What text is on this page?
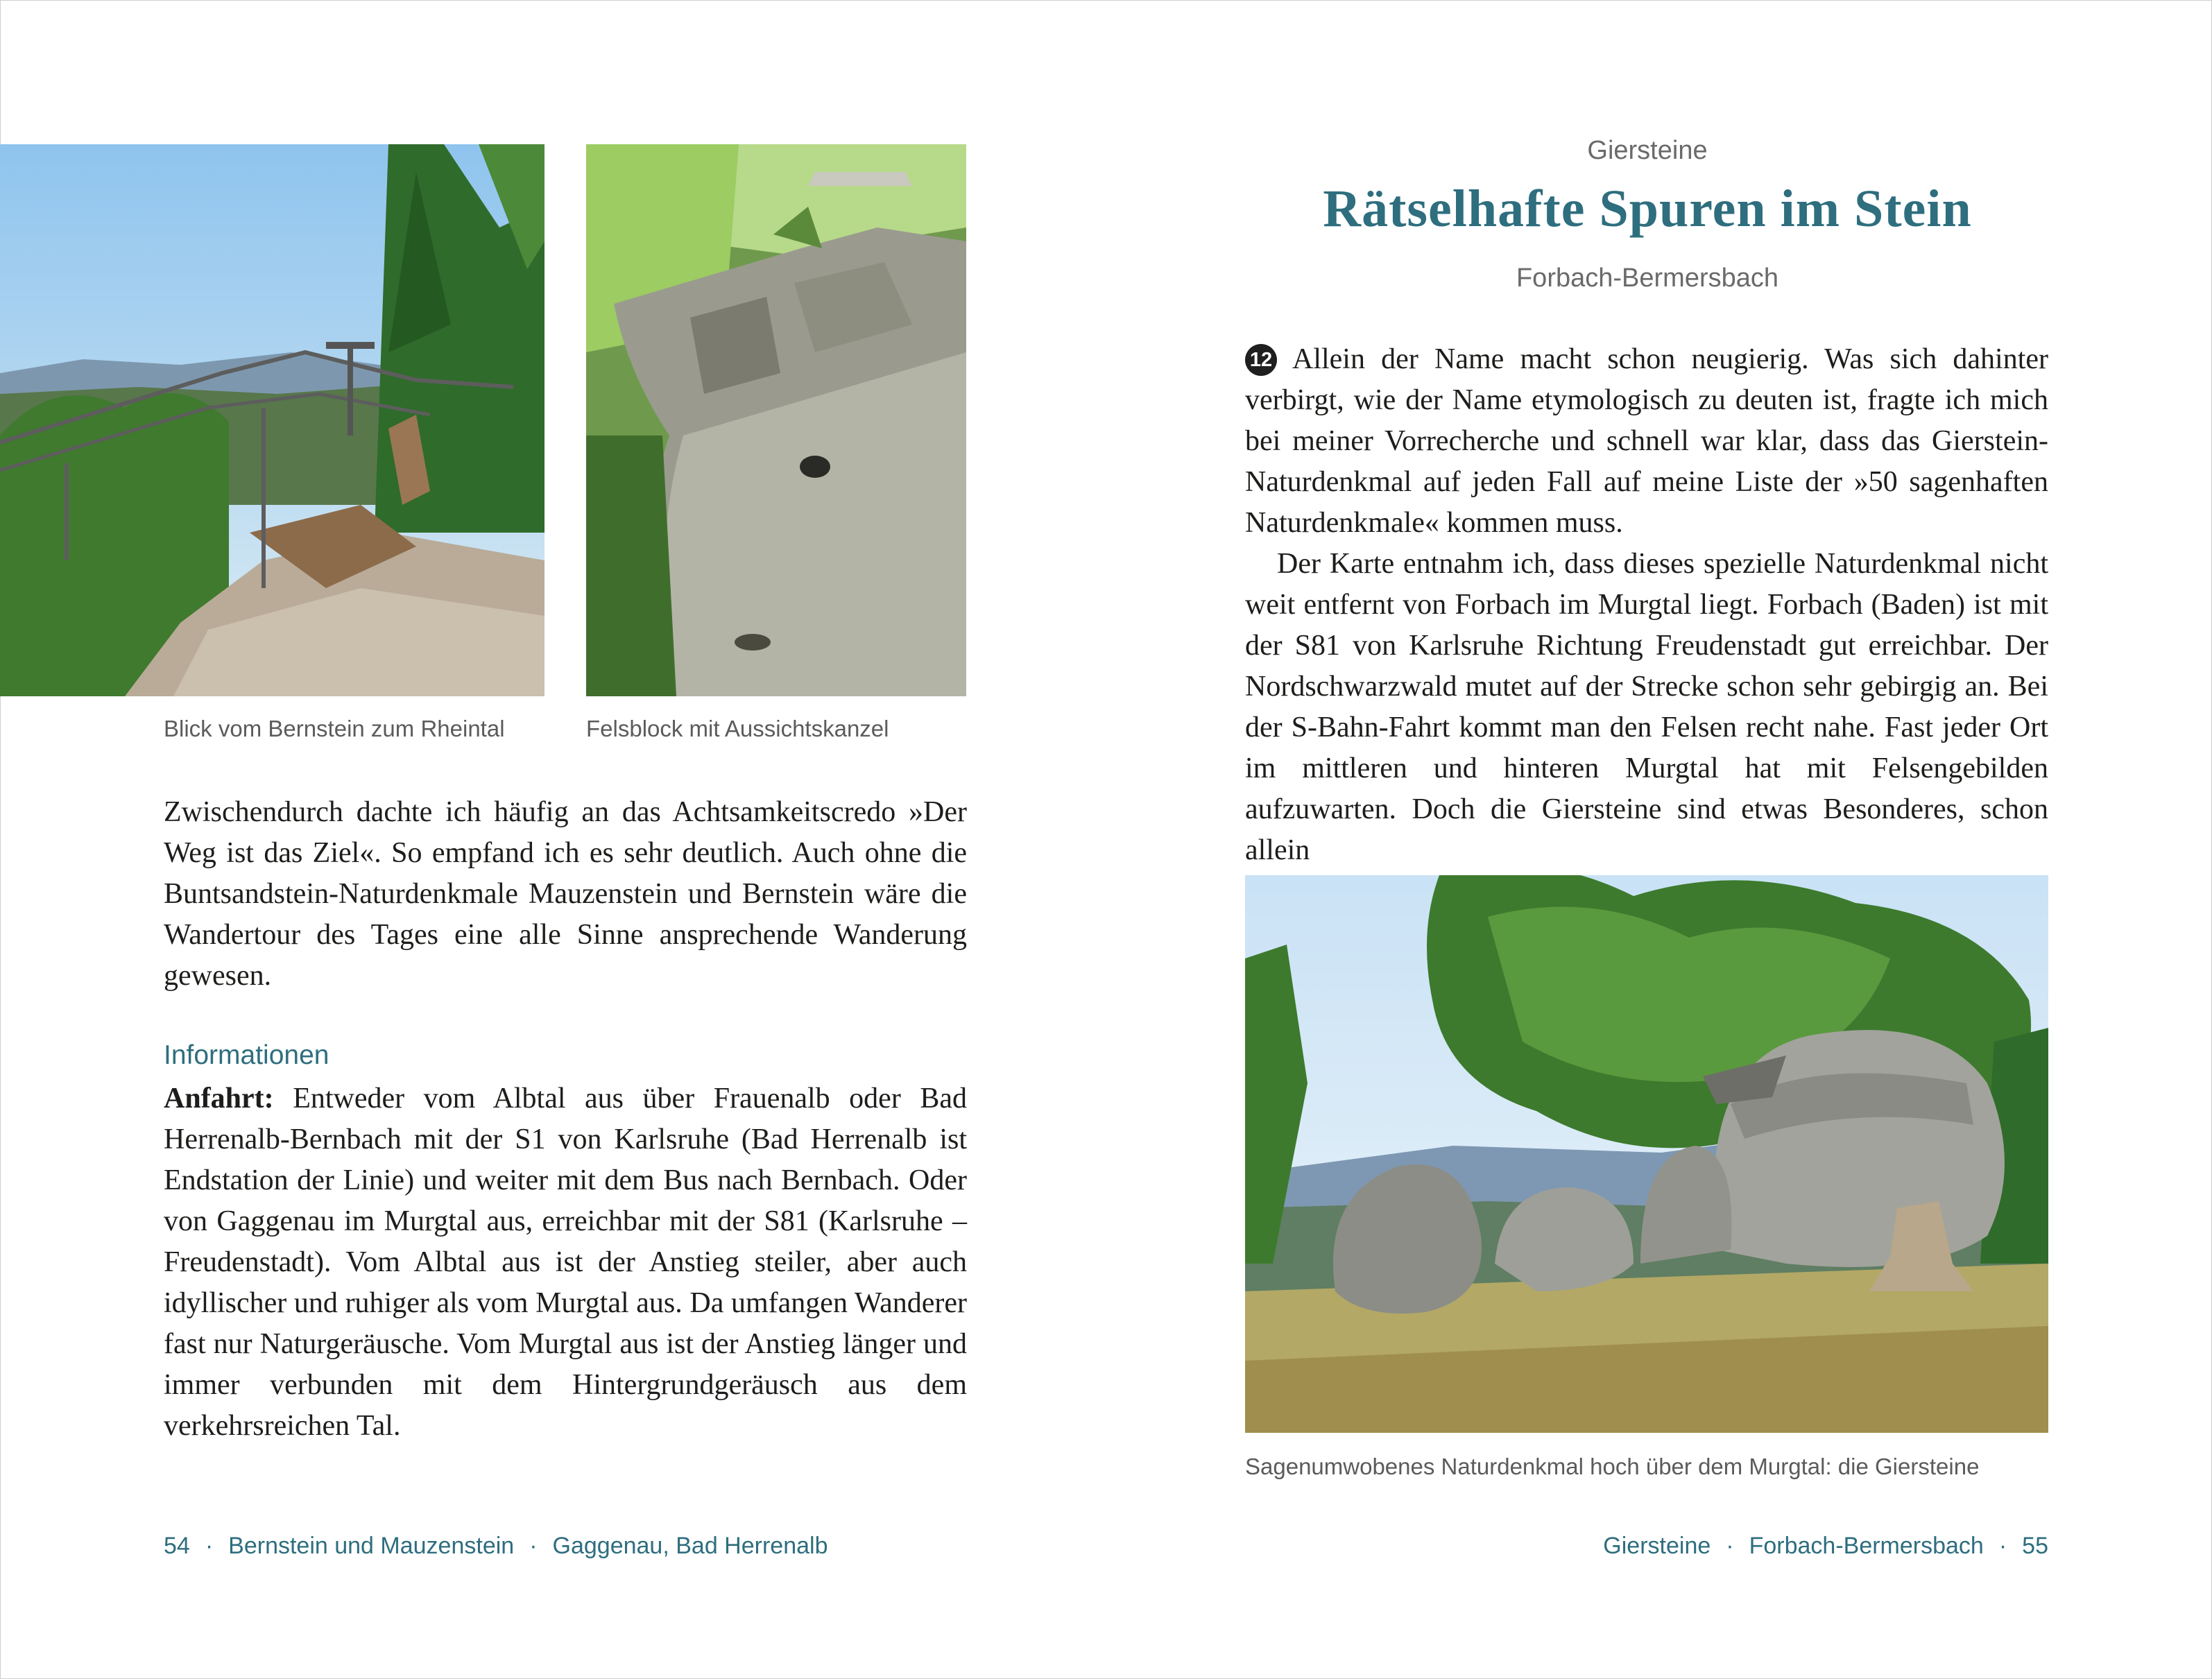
Blick vom Bernstein zum Rheintal	Felsblock mit Aussichtskanzel

Zwischendurch dachte ich häufig an das Achtsamkeitscredo »Der Weg ist das Ziel«. So empfand ich es sehr deutlich. Auch ohne die Buntsandstein-Naturdenkmale Mauzenstein und Bernstein wäre die Wandertour des Tages eine alle Sinne ansprechende Wanderung gewesen.

Informationen

Anfahrt: Entweder vom Albtal aus über Frauenalb oder Bad Herrenalb-Bernbach mit der S1 von Karlsruhe (Bad Herrenalb ist Endstation der Linie) und weiter mit dem Bus nach Bernbach. Oder von Gaggenau im Murgtal aus, erreichbar mit der S81 (Karlsruhe – Freudenstadt). Vom Albtal aus ist der Anstieg steiler, aber auch idyllischer und ruhiger als vom Murgtal aus. Da umfangen Wanderer fast nur Naturgeräusche. Vom Murgtal aus ist der Anstieg länger und immer verbunden mit dem Hintergrundgeräusch aus dem verkehrsreichen Tal.

54 · Bernstein und Mauzenstein · Gaggenau, Bad Herrenalb
Giersteine
Rätselhafte Spuren im Stein
Forbach-Bermersbach

12 Allein der Name macht schon neugierig. Was sich dahinter verbirgt, wie der Name etymologisch zu deuten ist, fragte ich mich bei meiner Vorrecherche und schnell war klar, dass das Gierstein-Naturdenkmal auf jeden Fall auf meine Liste der »50 sagenhaften Naturdenkmale« kommen muss.

Der Karte entnahm ich, dass dieses spezielle Naturdenkmal nicht weit entfernt von Forbach im Murgtal liegt. Forbach (Baden) ist mit der S81 von Karlsruhe Richtung Freudenstadt gut erreichbar. Der Nordschwarzwald mutet auf der Strecke schon sehr gebirgig an. Bei der S-Bahn-Fahrt kommt man den Felsen recht nahe. Fast jeder Ort im mittleren und hinteren Murgtal hat mit Felsengebilden aufzuwarten. Doch die Giersteine sind etwas Besonderes, schon allein

Sagenumwobenes Naturdenkmal hoch über dem Murgtal: die Giersteine
Giersteine · Forbach-Bermersbach · 55
